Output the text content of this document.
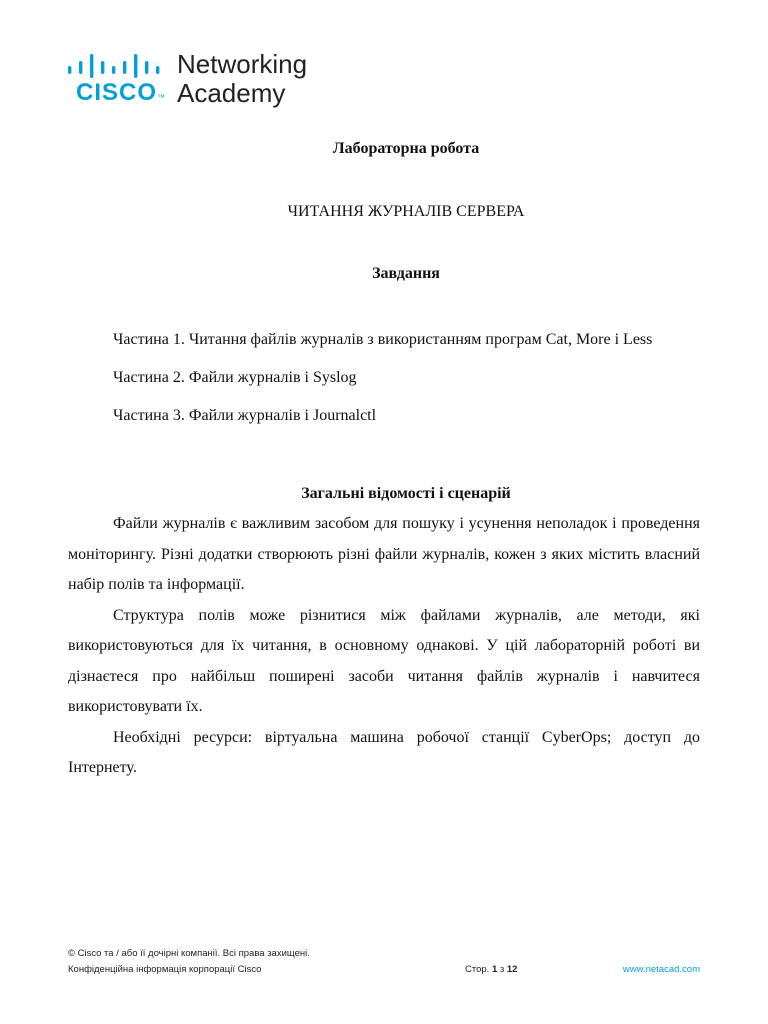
CISCO™
Networking
Academy
Лабораторна робота
ЧИТАННЯ ЖУРНАЛІВ СЕРВЕРА
Завдання

Частина 1. Читання файлів журналів з використанням програм Cat, More і Less

Частина 2. Файли журналів і Syslog

Частина 3. Файли журналів і Journalctl

Загальні відомості і сценарій

Файли журналів є важливим засобом для пошуку і усунення неполадок і проведення моніторингу. Різні додатки створюють різні файли журналів, кожен з яких містить власний набір полів та інформації.

Структура полів може різнитися між файлами журналів, але методи, які використовуються для їх читання, в основному однакові. У цій лабораторній роботі ви дізнаєтеся про найбільш поширені засоби читання файлів журналів і навчитеся використовувати їх.

Необхідні ресурси: віртуальна машина робочої станції CyberOps; доступ до Інтернету.

© Cisco та / або її дочірні компанії. Всі права захищені.
Конфіденційна інформація корпорації Cisco	Стор. 1 з 12	www.netacad.com
